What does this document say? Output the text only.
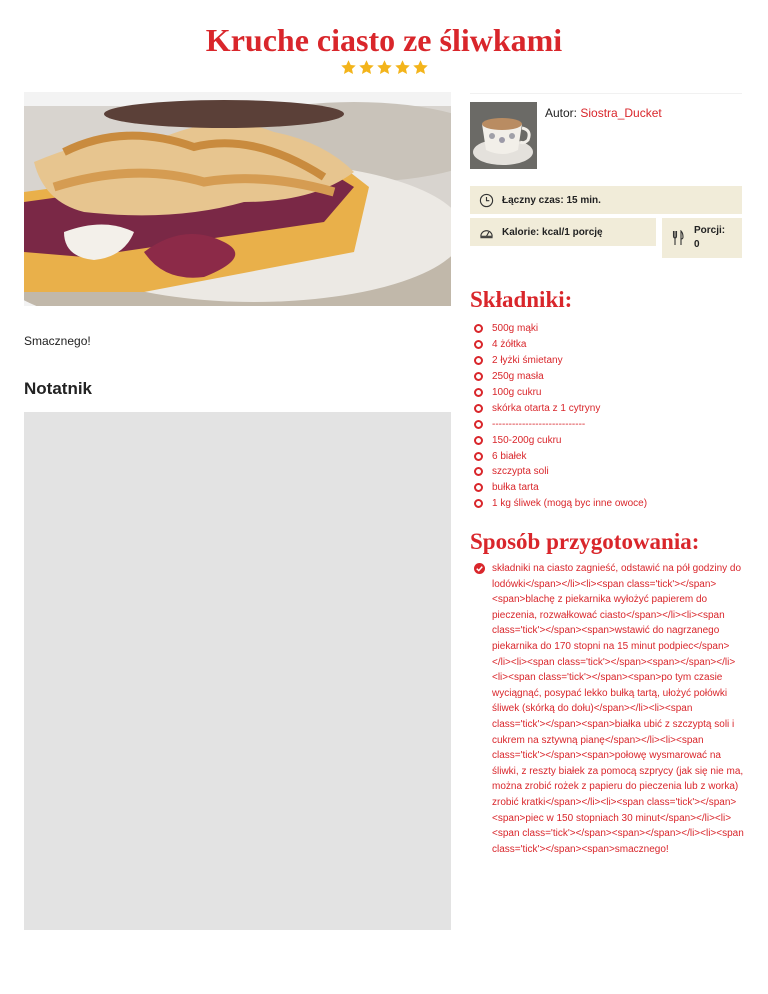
Kruche ciasto ze śliwkami
Smacznego!
Notatnik
Autor: Siostra_Ducket
Łączny czas: 15 min.
Kalorie: kcal/1 porcję	Porcji:
0
Składniki:
500g mąki
4 żółtka
2 łyżki śmietany
250g masła
100g cukru
skórka otarta z 1 cytryny
----------------------------
150-200g cukru
6 białek
szczypta soli
bułka tarta
1 kg śliwek (mogą byc inne owoce)
Sposób przygotowania:
składniki na ciasto zagnieść, odstawić na pół godziny do lodówki</span></li><li><span class='tick'></span><span>blachę z piekarnika wyłożyć papierem do pieczenia, rozwałkować ciasto</span></li><li><span class='tick'></span><span>wstawić do nagrzanego piekarnika do 170 stopni na 15 minut podpiec</span></li><li><span class='tick'></span><span></span></li><li><span class='tick'></span><span>po tym czasie wyciągnąć, posypać lekko bułką tartą, ułożyć połówki śliwek (skórką do dołu)</span></li><li><span class='tick'></span><span>białka ubić z szczyptą soli i cukrem na sztywną pianę</span></li><li><span class='tick'></span><span>połowę wysmarować na śliwki, z reszty białek za pomocą szprycy (jak się nie ma, można zrobić rożek z papieru do pieczenia lub z worka) zrobić kratki</span></li><li><span class='tick'></span><span>piec w 150 stopniach 30 minut</span></li><li><span class='tick'></span><span></span></li><li><span class='tick'></span><span>smacznego!
